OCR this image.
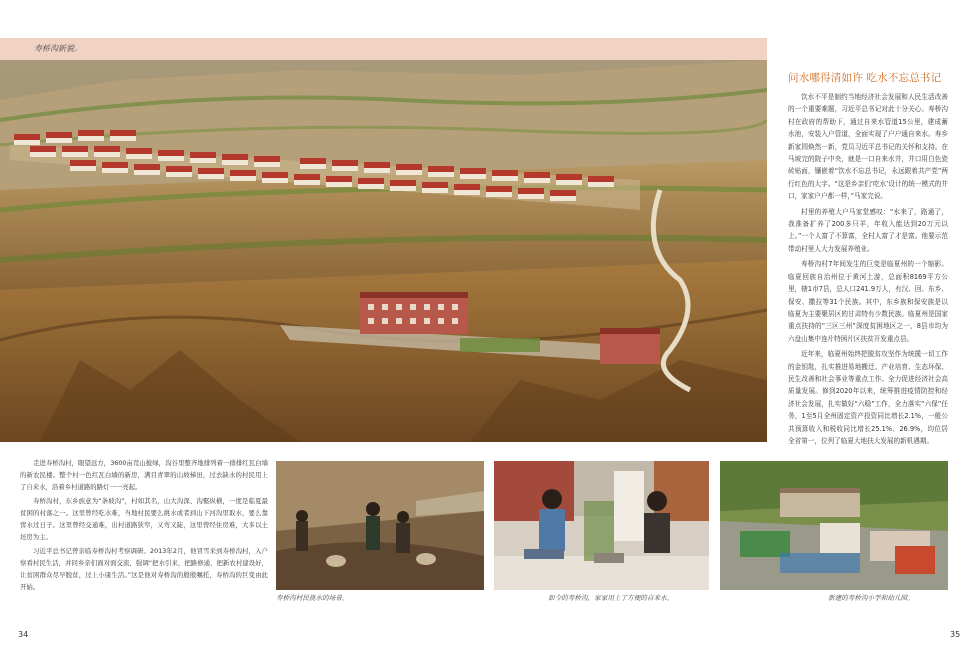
寿桥沟新貌。
问水哪得清如许 吃水不忘总书记

饮水不平是制约当地经济社会发展和人民生活改善的一个重要难题，习近平总书记对此十分关心。寿桥沟村在政府的帮助下，通过自来水管道15公里，建成蓄水池，安装入户管道，全面实现了户户通自来水。寿乡新家园焕然一新，党员习近平总书记的关怀和支持。在马坡完的院子中央，就是一口自来水井，井口用白色瓷砖贴面，镶嵌着“饮水不忘总书记，永远跟着共产党”两行红色的大字。“这是乡亲们‘吃水’设计的统一模式的井口，家家户户都一样，”马家完说。

村里的养殖大户马家堂感叹：“水来了，路通了，我准备扩养了200多只羊，年收入能达到20万元以上。”一个人富了不算富，全村人富了才是富。他要示范带动村里人大力发展养殖业。

寿桥沟村7年间发生的巨变是临夏州的一个缩影。临夏回族自治州位于黄河上游，总面积8169平方公里，辖1市7县，总人口241.9万人，有汉、回、东乡、保安、撒拉等31个民族。其中，东乡族和保安族是以临夏为主要聚居区的甘肃特有少数民族。临夏州是国家重点扶持的“三区三州”深度贫困地区之一，8县市均为六盘山集中连片特困片区扶贫开发重点县。

近年来，临夏州始终把脱贫攻坚作为统揽一切工作的金钥匙，扎实推进易地搬迁、产业培育、生态环保、民生改善和社会事业等重点工作。全力促进经济社会高质量发展。修到2020年以来，统筹推进疫情防控和经济社会发展，扎实做好“六稳”工作，全力落实“六保”任务，1至5月全州固定资产投资同比增长2.1%，一般公共预算收入和税收同比增长25.1%、26.9%，均位居全省第一，位列了临夏大地扶大发展的新机遇期。

走进寿桥沟村，眼望远方，3600亩荒山披绿，沟谷里整齐地排列着一排排红瓦白墙的新农民楼。整个村一色红瓦白墙的新房，满目青翠的山坡梯田，过去缺水的村民用上了自来水，沿着乡村道路的路灯一一亮起。

寿桥沟村，东乡族意为“条坡沟”，村如其名，山大沟深、沟壑纵横，一度是临夏最贫困的村落之一。这里曾经吃水难，当地村民要么挑水或者到山下河沟里取水，要么靠窖水过日子。这里曾经交通难，出村道路狭窄，又弯又陡，这里曾经住房难，大多以土坯房为主。

习近平总书记曾亲临寿桥沟村考察调研。2013年2月，他冒雪来到寿桥沟村，入户察看村民生活，并同乡亲们面对面交流，强调“把水引来，把路修通，把新农村建设好，让贫困群众尽早脱贫，过上小康生活。”这是他对寿桥沟的殷殷嘱托，寿桥沟的巨变由此开始。

寿桥沟村民挑水的场景。	如今的寿桥沟，家家用上了方便的自来水。	新建的寿桥沟小学和幼儿园。
34	35
